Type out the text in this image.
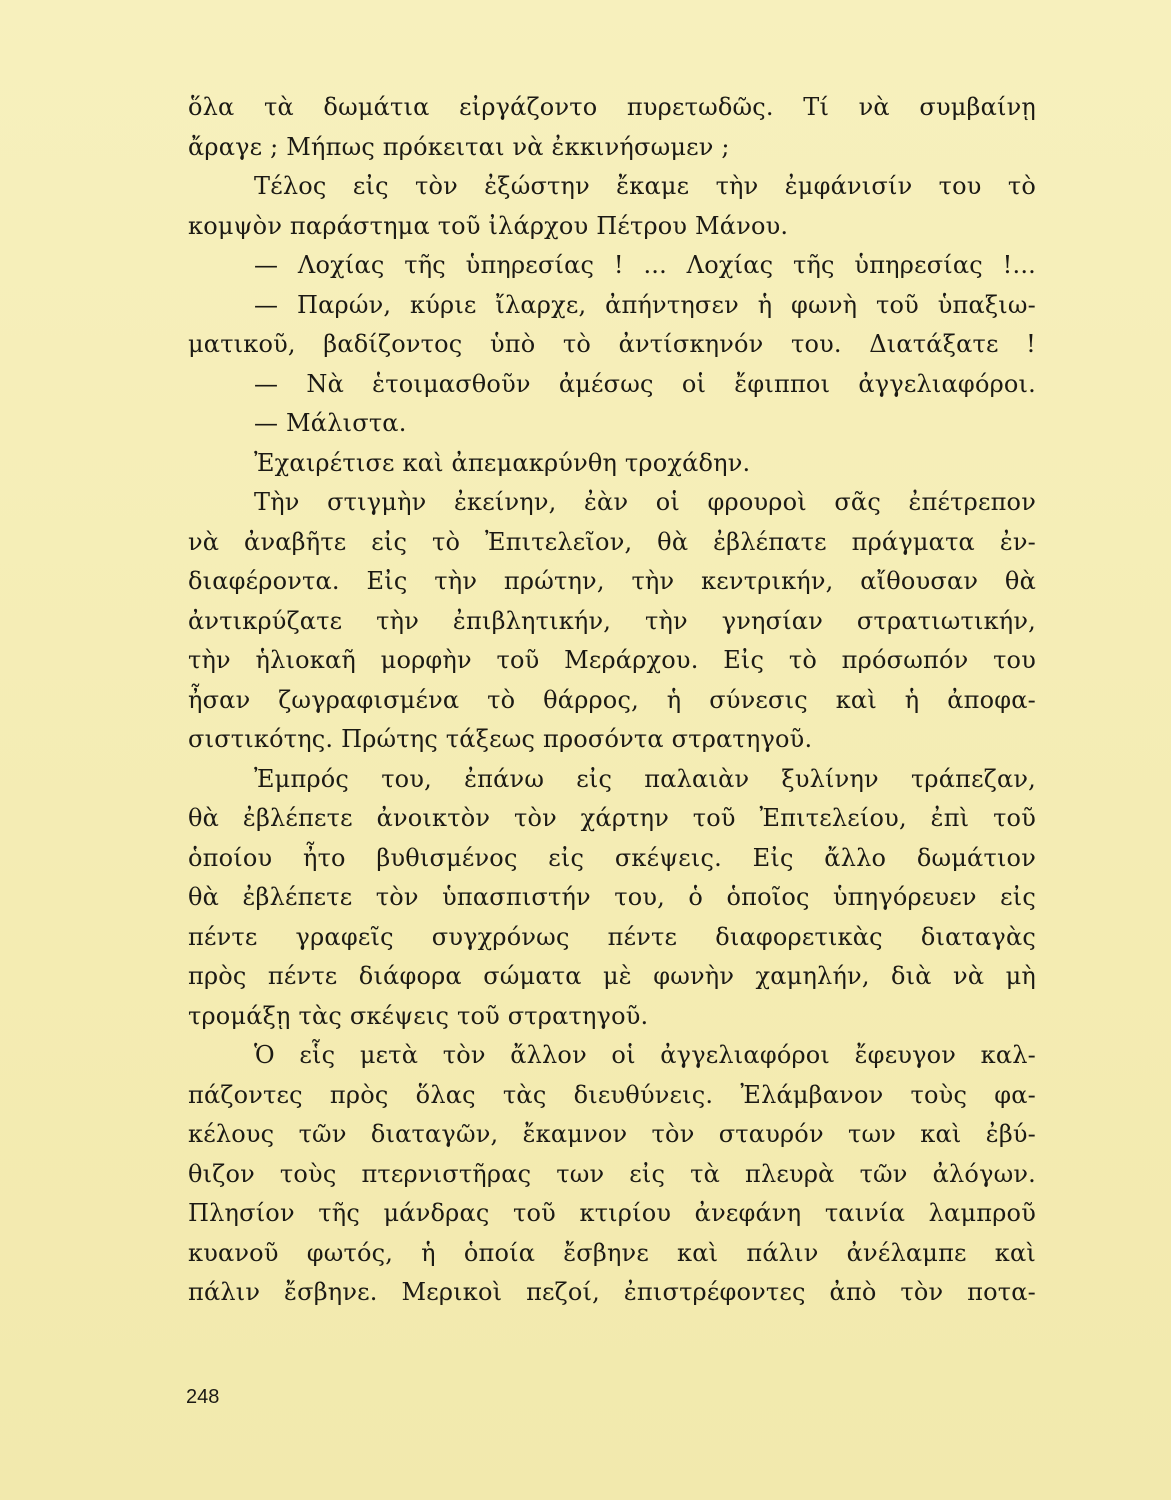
ὅλα τὰ δωμάτια εἰργάζοντο πυρετωδῶς. Τί νὰ συμβαίνῃ
ἄραγε ; Μήπως πρόκειται νὰ ἐκκινήσωμεν ;
Τέλος εἰς τὸν ἐξώστην ἔκαμε τὴν ἐμφάνισίν του τὸ
κομψὸν παράστημα τοῦ ἰλάρχου Πέτρου Μάνου.
— Λοχίας τῆς ὑπηρεσίας ! ... Λοχίας τῆς ὑπηρεσίας !...
— Παρών, κύριε ἴλαρχε, ἀπήντησεν ἡ φωνὴ τοῦ ὑπαξιω-
ματικοῦ, βαδίζοντος ὑπὸ τὸ ἀντίσκηνόν του. Διατάξατε !
— Νὰ ἑτοιμασθοῦν ἀμέσως οἱ ἔφιπποι ἀγγελιαφόροι.
— Μάλιστα.
Ἐχαιρέτισε καὶ ἀπεμακρύνθη τροχάδην.
Τὴν στιγμὴν ἐκείνην, ἐὰν οἱ φρουροὶ σᾶς ἐπέτρεπον
νὰ ἀναβῆτε εἰς τὸ Ἐπιτελεῖον, θὰ ἐβλέπατε πράγματα ἐν-
διαφέροντα. Εἰς τὴν πρώτην, τὴν κεντρικήν, αἴθουσαν θὰ
ἀντικρύζατε τὴν ἐπιβλητικήν, τὴν γνησίαν στρατιωτικήν,
τὴν ἡλιοκαῆ μορφὴν τοῦ Μεράρχου. Εἰς τὸ πρόσωπόν του
ἦσαν ζωγραφισμένα τὸ θάρρος, ἡ σύνεσις καὶ ἡ ἀποφα-
σιστικότης. Πρώτης τάξεως προσόντα στρατηγοῦ.
Ἐμπρός του, ἐπάνω εἰς παλαιὰν ξυλίνην τράπεζαν,
θὰ ἐβλέπετε ἀνοικτὸν τὸν χάρτην τοῦ Ἐπιτελείου, ἐπὶ τοῦ
ὁποίου ἦτο βυθισμένος εἰς σκέψεις. Εἰς ἄλλο δωμάτιον
θὰ ἐβλέπετε τὸν ὑπασπιστήν του, ὁ ὁποῖος ὑπηγόρευεν εἰς
πέντε γραφεῖς συγχρόνως πέντε διαφορετικὰς διαταγὰς
πρὸς πέντε διάφορα σώματα μὲ φωνὴν χαμηλήν, διὰ νὰ μὴ
τρομάξῃ τὰς σκέψεις τοῦ στρατηγοῦ.
Ὁ εἷς μετὰ τὸν ἄλλον οἱ ἀγγελιαφόροι ἔφευγον καλ-
πάζοντες πρὸς ὅλας τὰς διευθύνεις. Ἐλάμβανον τοὺς φα-
κέλους τῶν διαταγῶν, ἔκαμνον τὸν σταυρόν των καὶ ἐβύ-
θιζον τοὺς πτερνιστῆρας των εἰς τὰ πλευρὰ τῶν ἀλόγων.
Πλησίον τῆς μάνδρας τοῦ κτιρίου ἀνεφάνη ταινία λαμπροῦ
κυανοῦ φωτός, ἡ ὁποία ἔσβηνε καὶ πάλιν ἀνέλαμπε καὶ
πάλιν ἔσβηνε. Μερικοὶ πεζοί, ἐπιστρέφοντες ἀπὸ τὸν ποτα-
248
